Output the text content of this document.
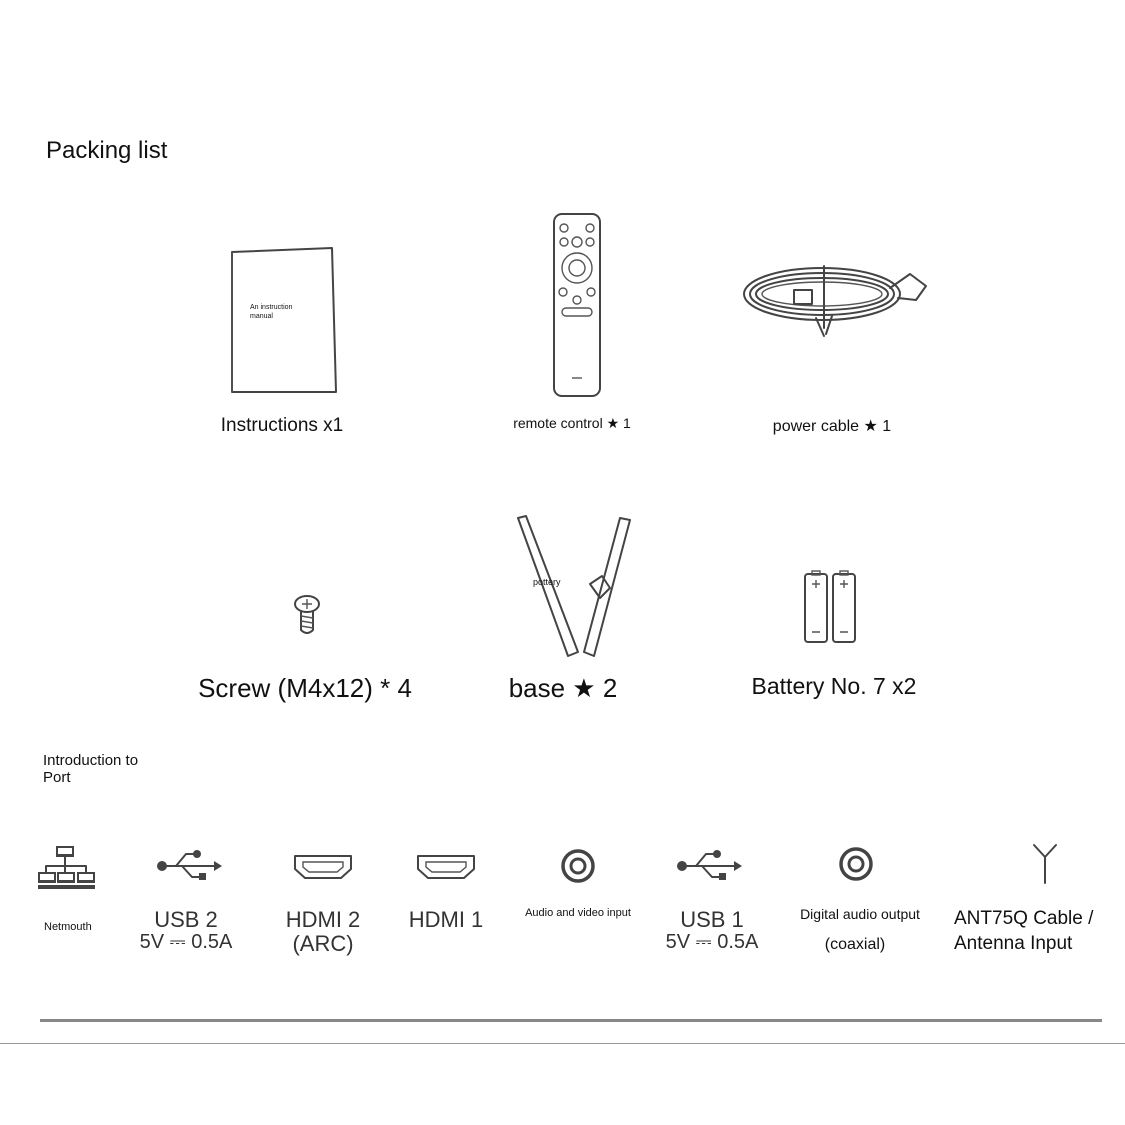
Packing list
An instruction manual
Instructions x1	remote control ★ 1	power cable ★ 1
Screw (M4x12) * 4
pottery
base ★ 2	Battery No. 7 x2
Introduction to Port
Netmouth	USB 2
5V ⎓ 0.5A
HDMI 2
(ARC)
HDMI 1	Audio and video input USB 1
5V ⎓ 0.5A
Digital audio output
(coaxial)
ANT75Q Cable /
Antenna Input
